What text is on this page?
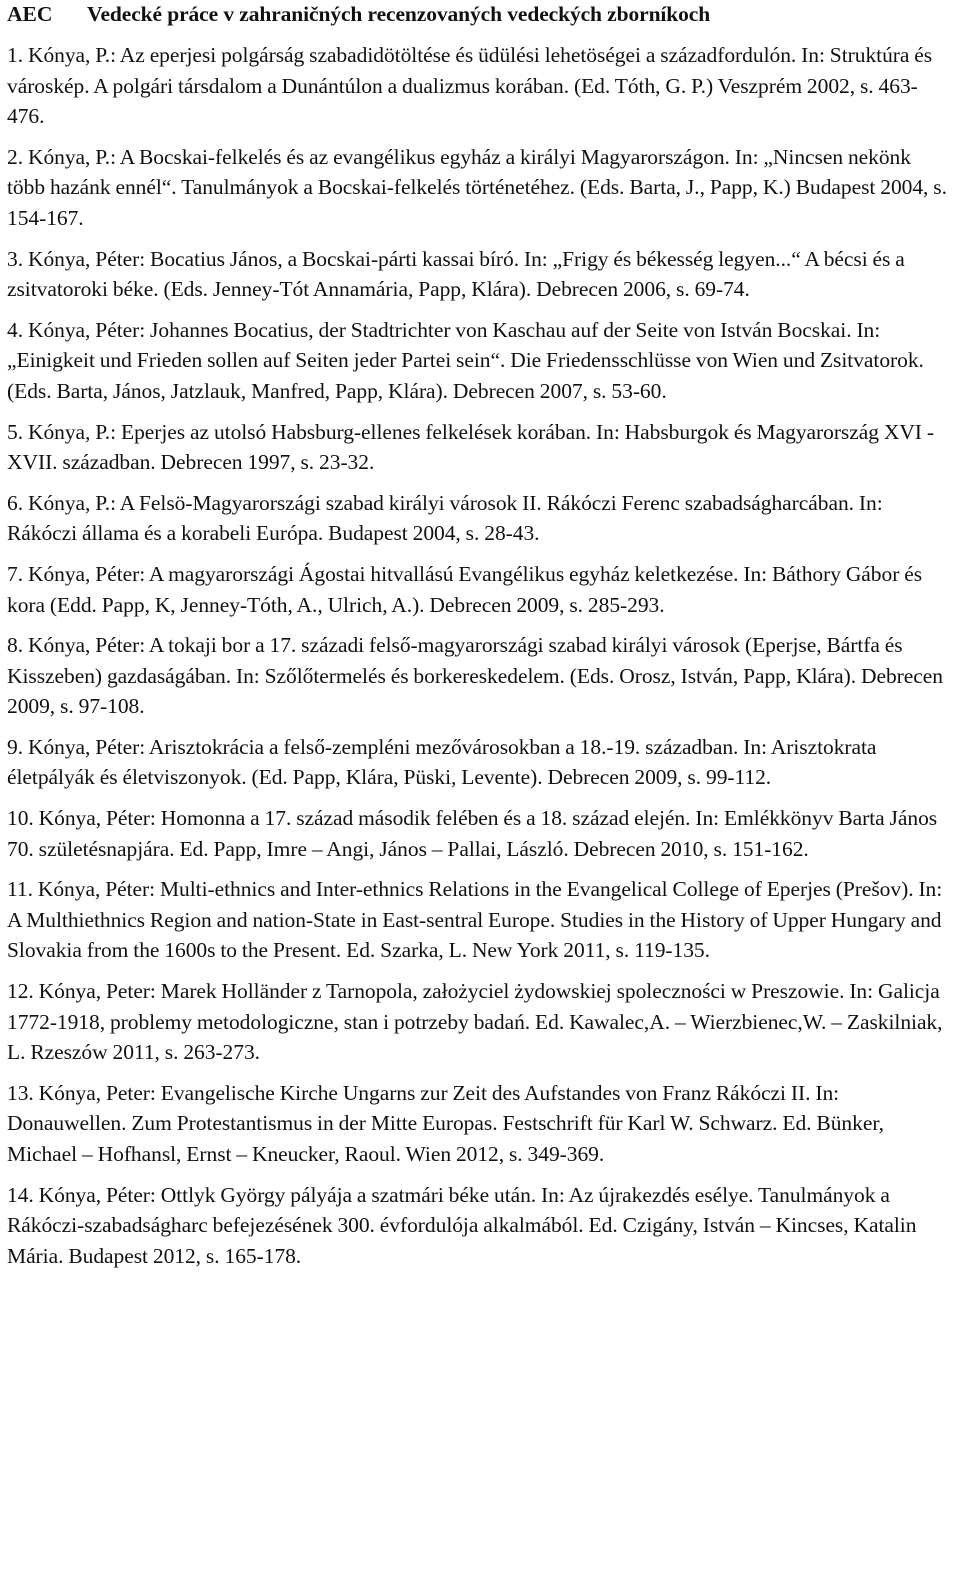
AEC	Vedecké práce v zahraničných recenzovaných vedeckých zborníkoch

1. Kónya, P.: Az eperjesi polgárság szabadidötöltése és üdülési lehetöségei a századfordulón. In: Struktúra és városkép. A polgári társdalom a Dunántúlon a dualizmus korában. (Ed. Tóth, G. P.) Veszprém 2002, s. 463-476.

2. Kónya, P.: A Bocskai-felkelés és az evangélikus egyház a királyi Magyarországon. In: „Nincsen nekönk több hazánk ennél“. Tanulmányok a Bocskai-felkelés történetéhez. (Eds. Barta, J., Papp, K.) Budapest 2004, s. 154-167.

3. Kónya, Péter: Bocatius János, a Bocskai-párti kassai bíró. In: „Frigy és békesség legyen...“ A bécsi és a zsitvatoroki béke. (Eds. Jenney-Tót Annamária, Papp, Klára). Debrecen 2006, s. 69-74.

4. Kónya, Péter: Johannes Bocatius, der Stadtrichter von Kaschau auf der Seite von István Bocskai. In: „Einigkeit und Frieden sollen auf Seiten jeder Partei sein“. Die Friedensschlüsse von Wien und Zsitvatorok. (Eds. Barta, János, Jatzlauk, Manfred, Papp, Klára). Debrecen 2007, s. 53-60.

5. Kónya, P.: Eperjes az utolsó Habsburg-ellenes felkelések korában. In: Habsburgok és Magyarország XVI - XVII. században. Debrecen 1997, s. 23-32.

6. Kónya, P.: A Felsö-Magyarországi szabad királyi városok II. Rákóczi Ferenc szabadságharcában. In: Rákóczi állama és a korabeli Európa. Budapest 2004, s. 28-43.

7. Kónya, Péter: A magyarországi Ágostai hitvallású Evangélikus egyház keletkezése. In: Báthory Gábor és kora (Edd. Papp, K, Jenney-Tóth, A., Ulrich, A.). Debrecen 2009, s. 285-293.

8. Kónya, Péter: A tokaji bor a 17. századi felső-magyarországi szabad királyi városok (Eperjse, Bártfa és Kisszeben) gazdaságában. In: Szőlőtermelés és borkereskedelem. (Eds. Orosz, István, Papp, Klára). Debrecen 2009, s. 97-108.

9. Kónya, Péter: Arisztokrácia a felső-zempléni mezővárosokban a 18.-19. században. In: Arisztokrata életpályák és életviszonyok. (Ed. Papp, Klára, Püski, Levente). Debrecen 2009, s. 99-112.

10. Kónya, Péter: Homonna a 17. század második felében és a 18. század elején. In: Emlékkönyv Barta János 70. születésnapjára. Ed. Papp, Imre – Angi, János – Pallai, László. Debrecen 2010, s. 151-162.

11. Kónya, Péter: Multi-ethnics and Inter-ethnics Relations in the Evangelical College of Eperjes (Prešov). In: A Multhiethnics Region and nation-State in East-sentral Europe. Studies in the History of Upper Hungary and Slovakia from the 1600s to the Present. Ed. Szarka, L. New York 2011, s. 119-135.

12. Kónya, Peter: Marek Holländer z Tarnopola, założyciel żydowskiej spoleczności w Preszowie. In: Galicja 1772-1918, problemy metodologiczne, stan i potrzeby badań. Ed. Kawalec,A. – Wierzbienec,W. – Zaskilniak, L. Rzeszów 2011, s. 263-273.

13. Kónya, Peter: Evangelische Kirche Ungarns zur Zeit des Aufstandes von Franz Rákóczi II. In: Donauwellen. Zum Protestantismus in der Mitte Europas. Festschrift für Karl W. Schwarz. Ed. Bünker, Michael – Hofhansl, Ernst – Kneucker, Raoul. Wien 2012, s. 349-369.

14. Kónya, Péter: Ottlyk György pályája a szatmári béke után. In: Az újrakezdés esélye. Tanulmányok a Rákóczi-szabadságharc befejezésének 300. évfordulója alkalmából. Ed. Czigány, István – Kincses, Katalin Mária. Budapest 2012, s. 165-178.
